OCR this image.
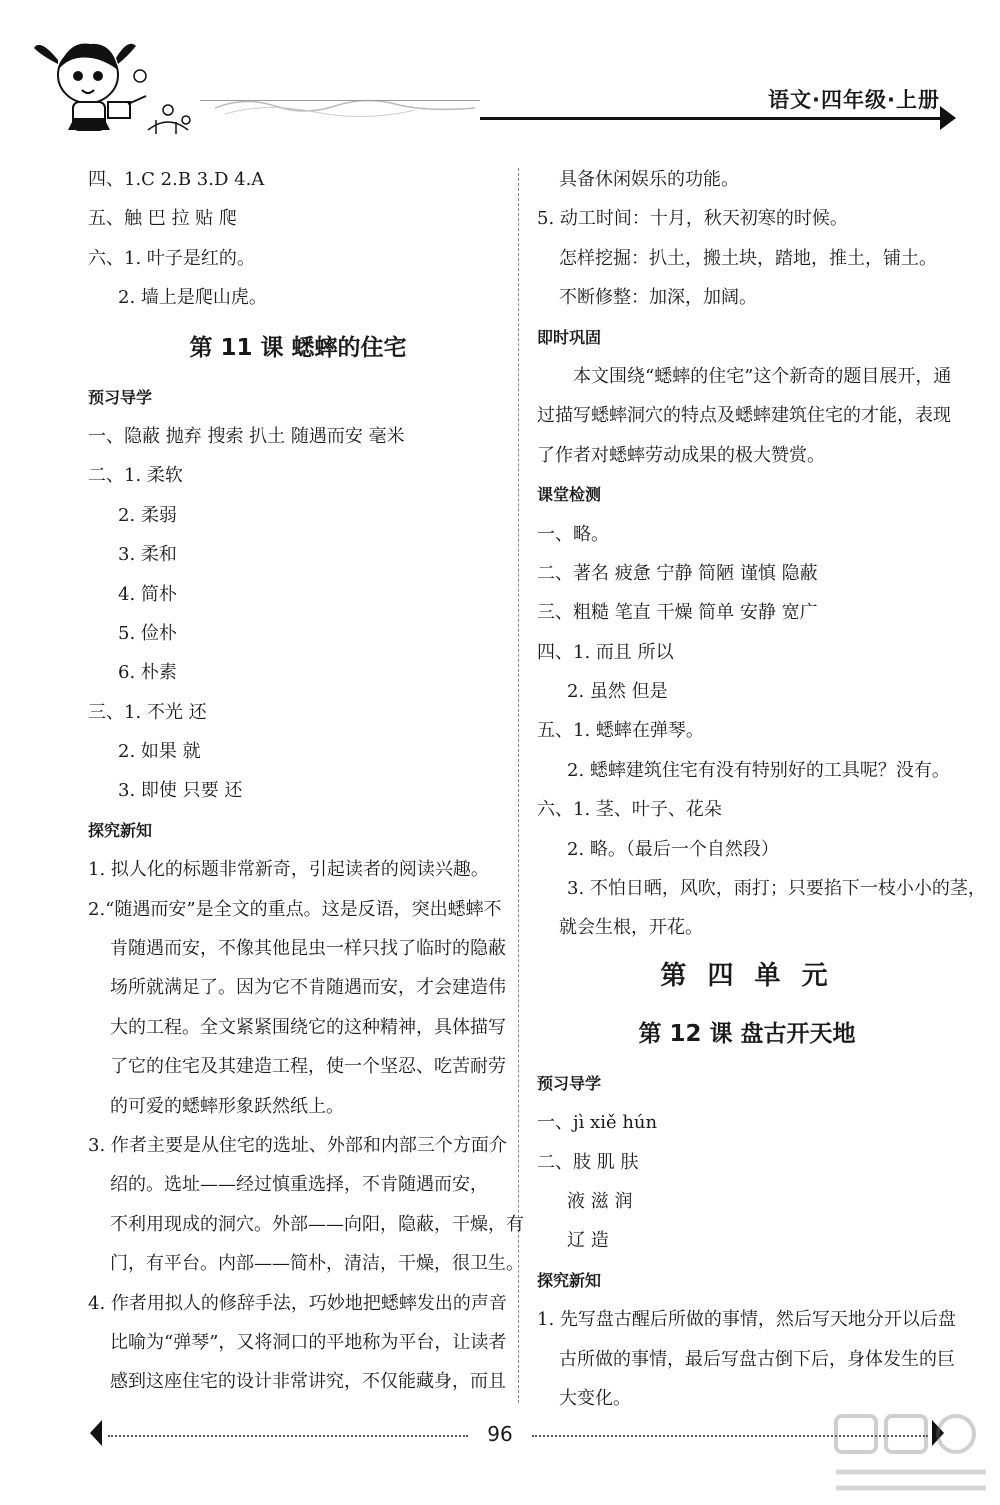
语文·四年级·上册
四、1.C 2.B 3.D 4.A
五、触 巴 拉 贴 爬
六、1. 叶子是红的。
2. 墙上是爬山虎。
第 11 课 蟋蟀的住宅
预习导学
一、隐蔽 抛弃 搜索 扒土 随遇而安 毫米
二、1. 柔软
2. 柔弱
3. 柔和
4. 简朴
5. 俭朴
6. 朴素
三、1. 不光 还
2. 如果 就
3. 即使 只要 还
探究新知
1. 拟人化的标题非常新奇，引起读者的阅读兴趣。
2.“随遇而安”是全文的重点。这是反语，突出蟋蟀不
肯随遇而安，不像其他昆虫一样只找了临时的隐蔽
场所就满足了。因为它不肯随遇而安，才会建造伟
大的工程。全文紧紧围绕它的这种精神，具体描写
了它的住宅及其建造工程，使一个坚忍、吃苦耐劳
的可爱的蟋蟀形象跃然纸上。
3. 作者主要是从住宅的选址、外部和内部三个方面介
绍的。选址——经过慎重选择，不肯随遇而安，
不利用现成的洞穴。外部——向阳，隐蔽，干燥，有
门，有平台。内部——简朴，清洁，干燥，很卫生。
4. 作者用拟人的修辞手法，巧妙地把蟋蟀发出的声音
比喻为“弹琴”，又将洞口的平地称为平台，让读者
感到这座住宅的设计非常讲究，不仅能藏身，而且
具备休闲娱乐的功能。
5. 动工时间：十月，秋天初寒的时候。
怎样挖掘：扒土，搬土块，踏地，推土，铺土。
不断修整：加深，加阔。
即时巩固
本文围绕“蟋蟀的住宅”这个新奇的题目展开，通
过描写蟋蟀洞穴的特点及蟋蟀建筑住宅的才能，表现
了作者对蟋蟀劳动成果的极大赞赏。
课堂检测
一、略。
二、著名 疲惫 宁静 简陋 谨慎 隐蔽
三、粗糙 笔直 干燥 简单 安静 宽广
四、1. 而且 所以
2. 虽然 但是
五、1. 蟋蟀在弹琴。
2. 蟋蟀建筑住宅有没有特别好的工具呢？没有。
六、1. 茎、叶子、花朵
2. 略。（最后一个自然段）
3. 不怕日晒，风吹，雨打；只要掐下一枝小小的茎，
就会生根，开花。
第 四 单 元
第 12 课 盘古开天地
预习导学
一、jì xiě hún
二、肢 肌 肤
液 滋 润
辽 造
探究新知
1. 先写盘古醒后所做的事情，然后写天地分开以后盘
古所做的事情，最后写盘古倒下后，身体发生的巨
大变化。
96
